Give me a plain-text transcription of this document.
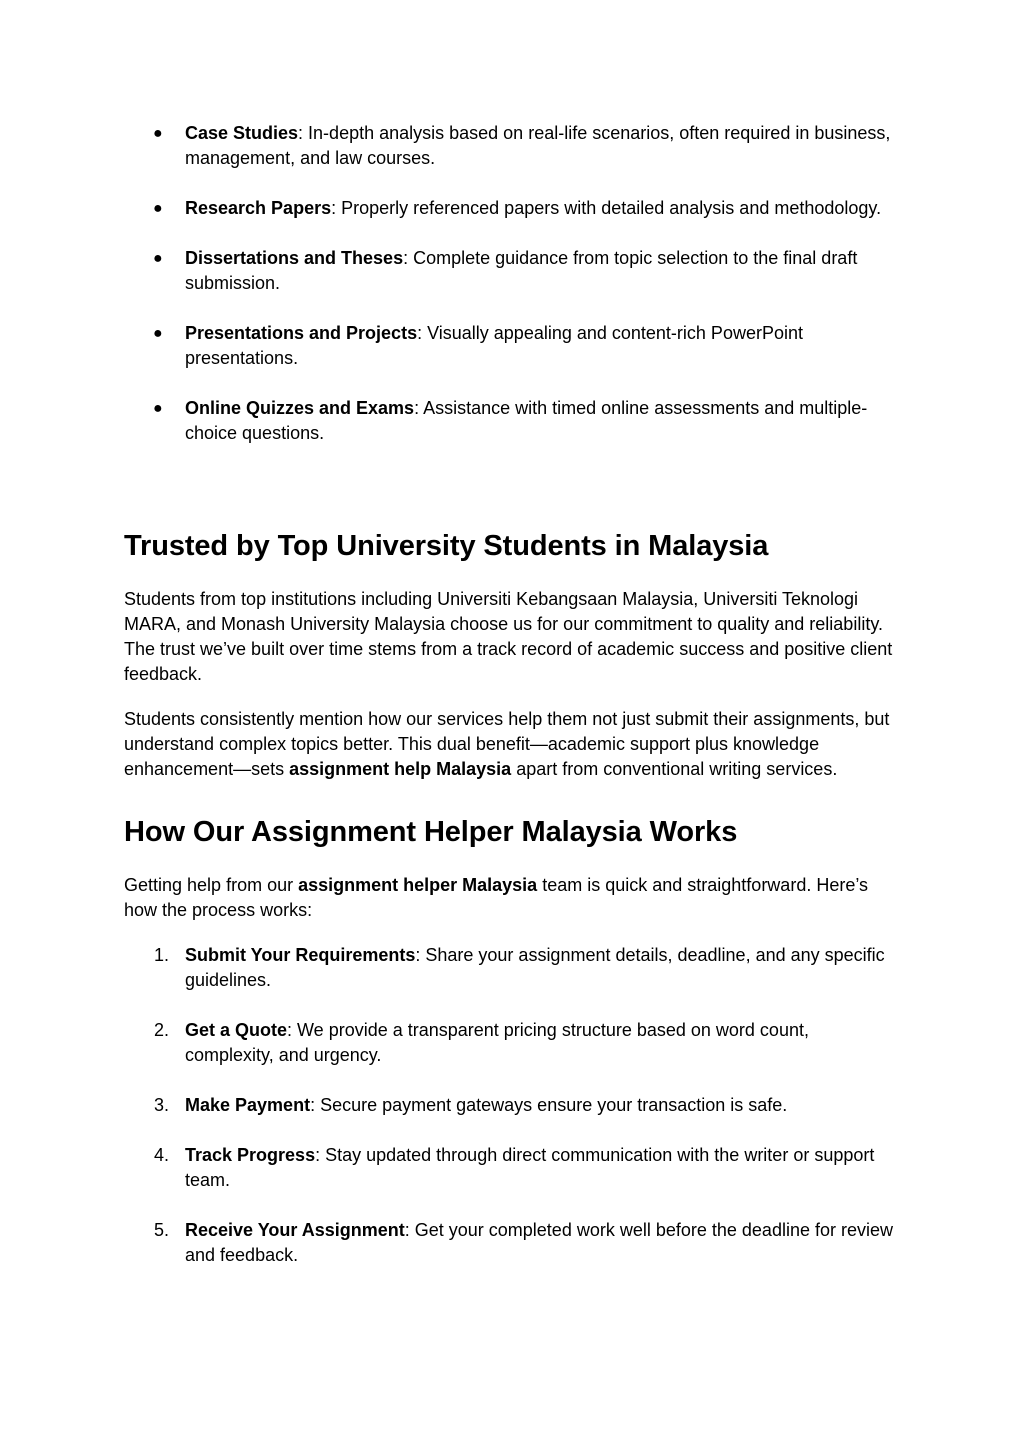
● Case Studies: In-depth analysis based on real-life scenarios, often required in business, management, and law courses.
● Research Papers: Properly referenced papers with detailed analysis and methodology.
● Dissertations and Theses: Complete guidance from topic selection to the final draft submission.
● Presentations and Projects: Visually appealing and content-rich PowerPoint presentations.
● Online Quizzes and Exams: Assistance with timed online assessments and multiple-choice questions.
Trusted by Top University Students in Malaysia

Students from top institutions including Universiti Kebangsaan Malaysia, Universiti Teknologi MARA, and Monash University Malaysia choose us for our commitment to quality and reliability. The trust we’ve built over time stems from a track record of academic success and positive client feedback.

Students consistently mention how our services help them not just submit their assignments, but understand complex topics better. This dual benefit—academic support plus knowledge enhancement—sets assignment help Malaysia apart from conventional writing services.

How Our Assignment Helper Malaysia Works

Getting help from our assignment helper Malaysia team is quick and straightforward. Here’s how the process works:

1. Submit Your Requirements: Share your assignment details, deadline, and any specific guidelines.
2. Get a Quote: We provide a transparent pricing structure based on word count, complexity, and urgency.
3. Make Payment: Secure payment gateways ensure your transaction is safe.
4. Track Progress: Stay updated through direct communication with the writer or support team.
5. Receive Your Assignment: Get your completed work well before the deadline for review and feedback.
